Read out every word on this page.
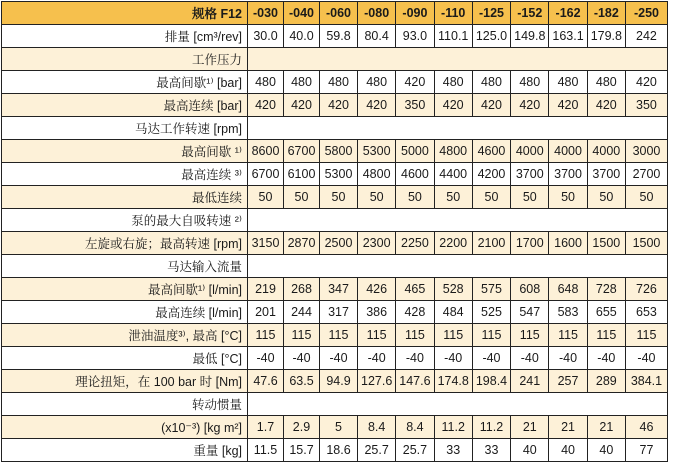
规格 F12	-030	-040	-060	-080	-090	-110	-125	-152	-162	-182	-250
排量 [cm³/rev]	30.0	40.0	59.8	80.4	93.0	110.1	125.0	149.8	163.1	179.8	242
工作压力											
最高间歇¹⁾ [bar]	480	480	480	480	420	480	480	480	480	480	420
最高连续 [bar]	420	420	420	420	350	420	420	420	420	420	350
马达工作转速 [rpm]											
最高间歇 ¹⁾	8600	6700	5800	5300	5000	4800	4600	4000	4000	4000	3000
最高连续 ³⁾	6700	6100	5300	4800	4600	4400	4200	3700	3700	3700	2700
最低连续	50	50	50	50	50	50	50	50	50	50	50
泵的最大自吸转速 ²⁾											
左旋或右旋；最高转速 [rpm]	3150	2870	2500	2300	2250	2200	2100	1700	1600	1500	1500
马达输入流量											
最高间歇¹⁾ [l/min]	219	268	347	426	465	528	575	608	648	728	726
最高连续 [l/min]	201	244	317	386	428	484	525	547	583	655	653
泄油温度³⁾, 最高 [°C]	115	115	115	115	115	115	115	115	115	115	115
最低 [°C]	-40	-40	-40	-40	-40	-40	-40	-40	-40	-40	-40
理论扭矩，在 100 bar 时 [Nm]	47.6	63.5	94.9	127.6	147.6	174.8	198.4	241	257	289	384.1
转动惯量											
(x10⁻³) [kg m²]	1.7	2.9	5	8.4	8.4	11.2	11.2	21	21	21	46
重量 [kg]	11.5	15.7	18.6	25.7	25.7	33	33	40	40	40	77
